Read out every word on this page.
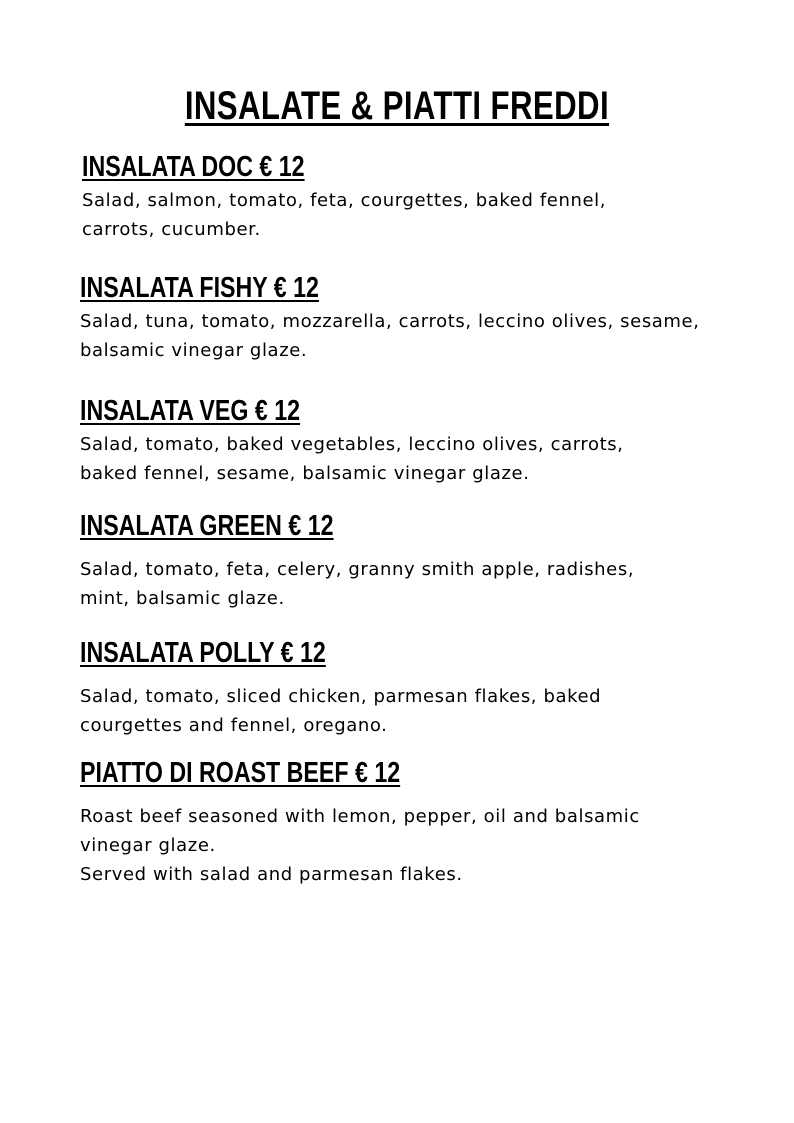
INSALATE & PIATTI FREDDI
INSALATA DOC € 12

Salad, salmon, tomato, feta, courgettes, baked fennel,
carrots, cucumber.

INSALATA FISHY € 12

Salad, tuna, tomato, mozzarella, carrots, leccino olives, sesame,
balsamic vinegar glaze.

INSALATA VEG € 12

Salad, tomato, baked vegetables, leccino olives, carrots,
baked fennel, sesame, balsamic vinegar glaze.

INSALATA GREEN € 12

Salad, tomato, feta, celery, granny smith apple, radishes,
mint, balsamic glaze.

INSALATA POLLY € 12

Salad, tomato, sliced chicken, parmesan flakes, baked
courgettes and fennel, oregano.

PIATTO DI ROAST BEEF € 12

Roast beef seasoned with lemon, pepper, oil and balsamic
vinegar glaze.
Served with salad and parmesan flakes.
